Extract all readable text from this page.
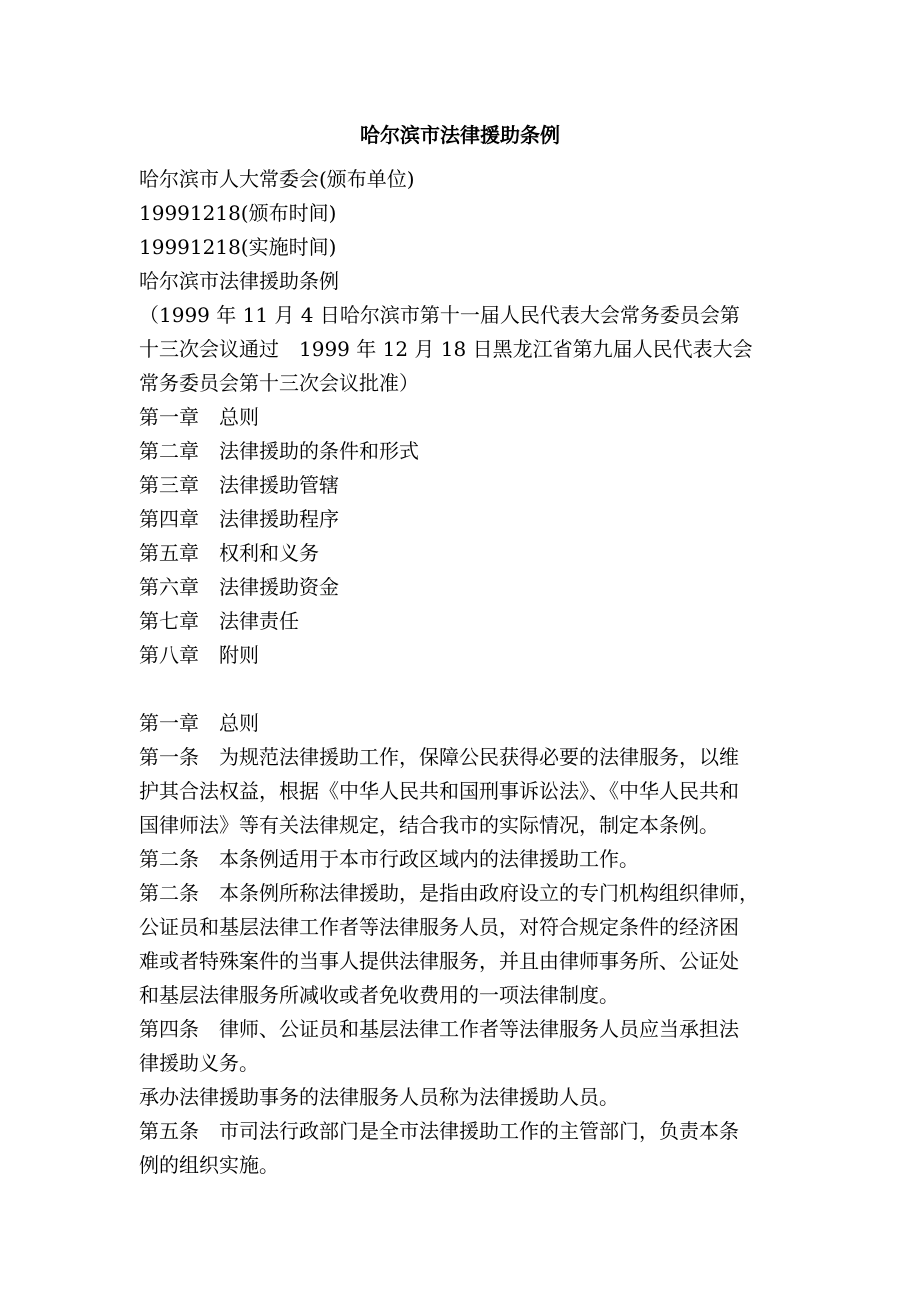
哈尔滨市法律援助条例
哈尔滨市人大常委会(颁布单位)
19991218(颁布时间)
19991218(实施时间)
哈尔滨市法律援助条例
（1999 年 11 月 4 日哈尔滨市第十一届人民代表大会常务委员会第
十三次会议通过　1999 年 12 月 18 日黑龙江省第九届人民代表大会
常务委员会第十三次会议批准）
第一章　总则
第二章　法律援助的条件和形式
第三章　法律援助管辖
第四章　法律援助程序
第五章　权利和义务
第六章　法律援助资金
第七章　法律责任
第八章　附则
第一章　总则
第一条　为规范法律援助工作，保障公民获得必要的法律服务，以维
护其合法权益，根据《中华人民共和国刑事诉讼法》、《中华人民共和
国律师法》等有关法律规定，结合我市的实际情况，制定本条例。
第二条　本条例适用于本市行政区域内的法律援助工作。
第二条　本条例所称法律援助，是指由政府设立的专门机构组织律师，
公证员和基层法律工作者等法律服务人员，对符合规定条件的经济困
难或者特殊案件的当事人提供法律服务，并且由律师事务所、公证处
和基层法律服务所减收或者免收费用的一项法律制度。
第四条　律师、公证员和基层法律工作者等法律服务人员应当承担法
律援助义务。
承办法律援助事务的法律服务人员称为法律援助人员。
第五条　市司法行政部门是全市法律援助工作的主管部门，负责本条
例的组织实施。
